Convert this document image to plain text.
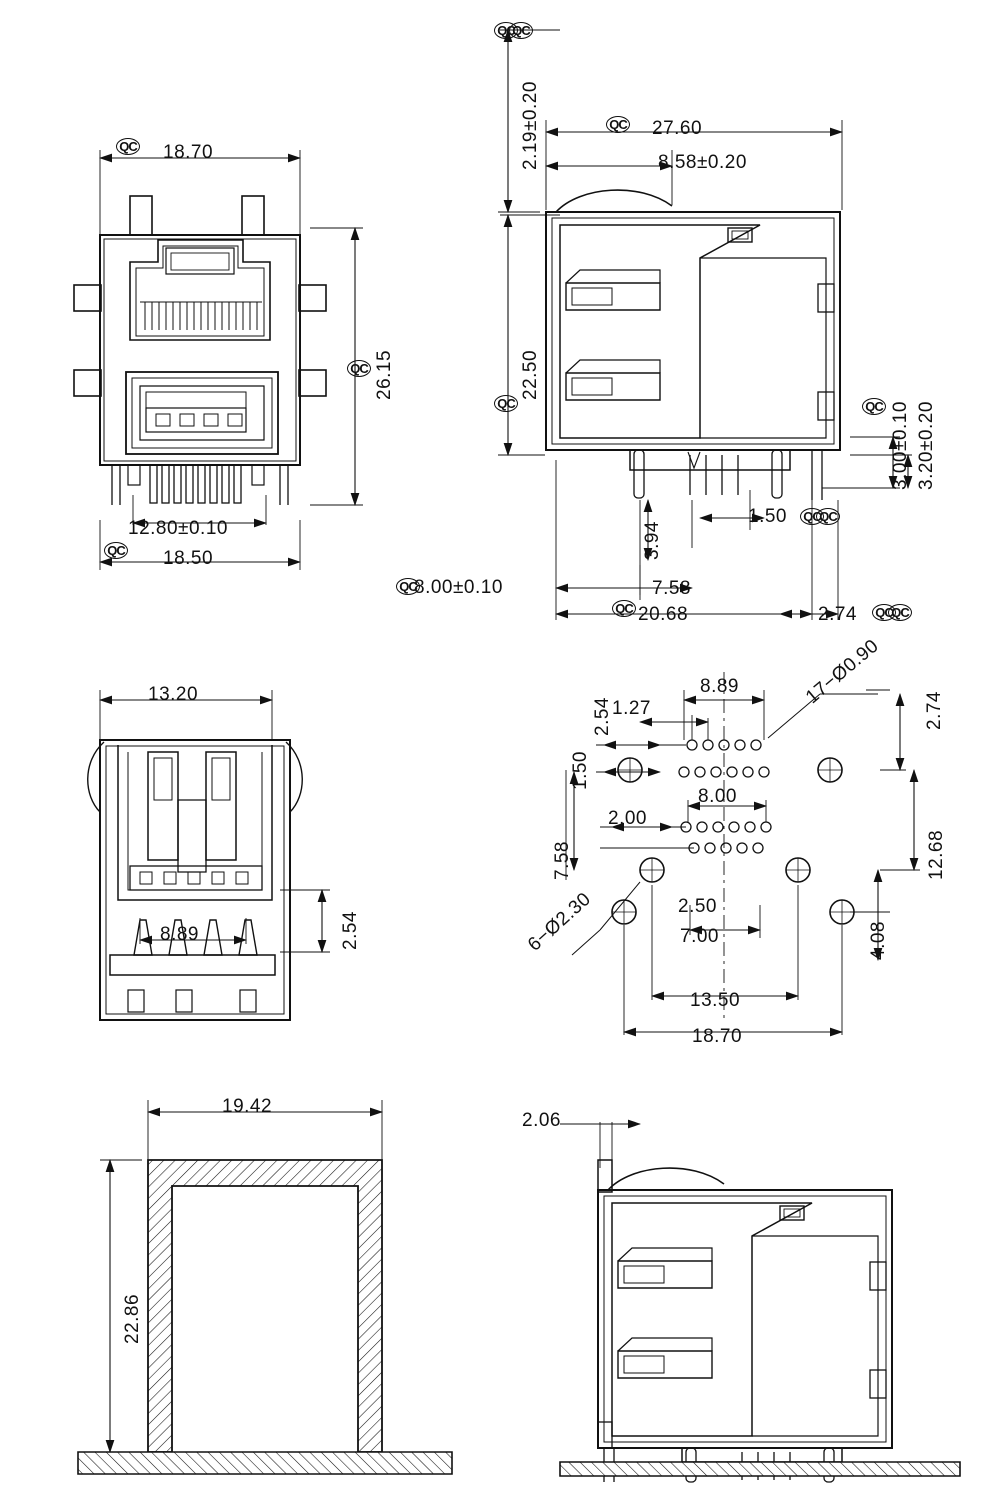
18.70
26.15
12.80±0.10
18.50
2.19±0.20	27.60
8.58±0.20
22.50
3.00±0.10 3.20±0.20
3.94
1.50
8.00±0.10	7.58
20.68	2.74
13.20
8.89	2.54
2.54 1.27
8.89	17−Ø0.90
2.74
1.50
8.00
2.00
12.68
7.58
2.50
7.00	4.08
6−Ø2.30
13.50
18.70
19.42
22.86
2.06
QC
QC
QC
QC
QC
QC
QC	QC
QC
QC
QC
QC	QC
QC
